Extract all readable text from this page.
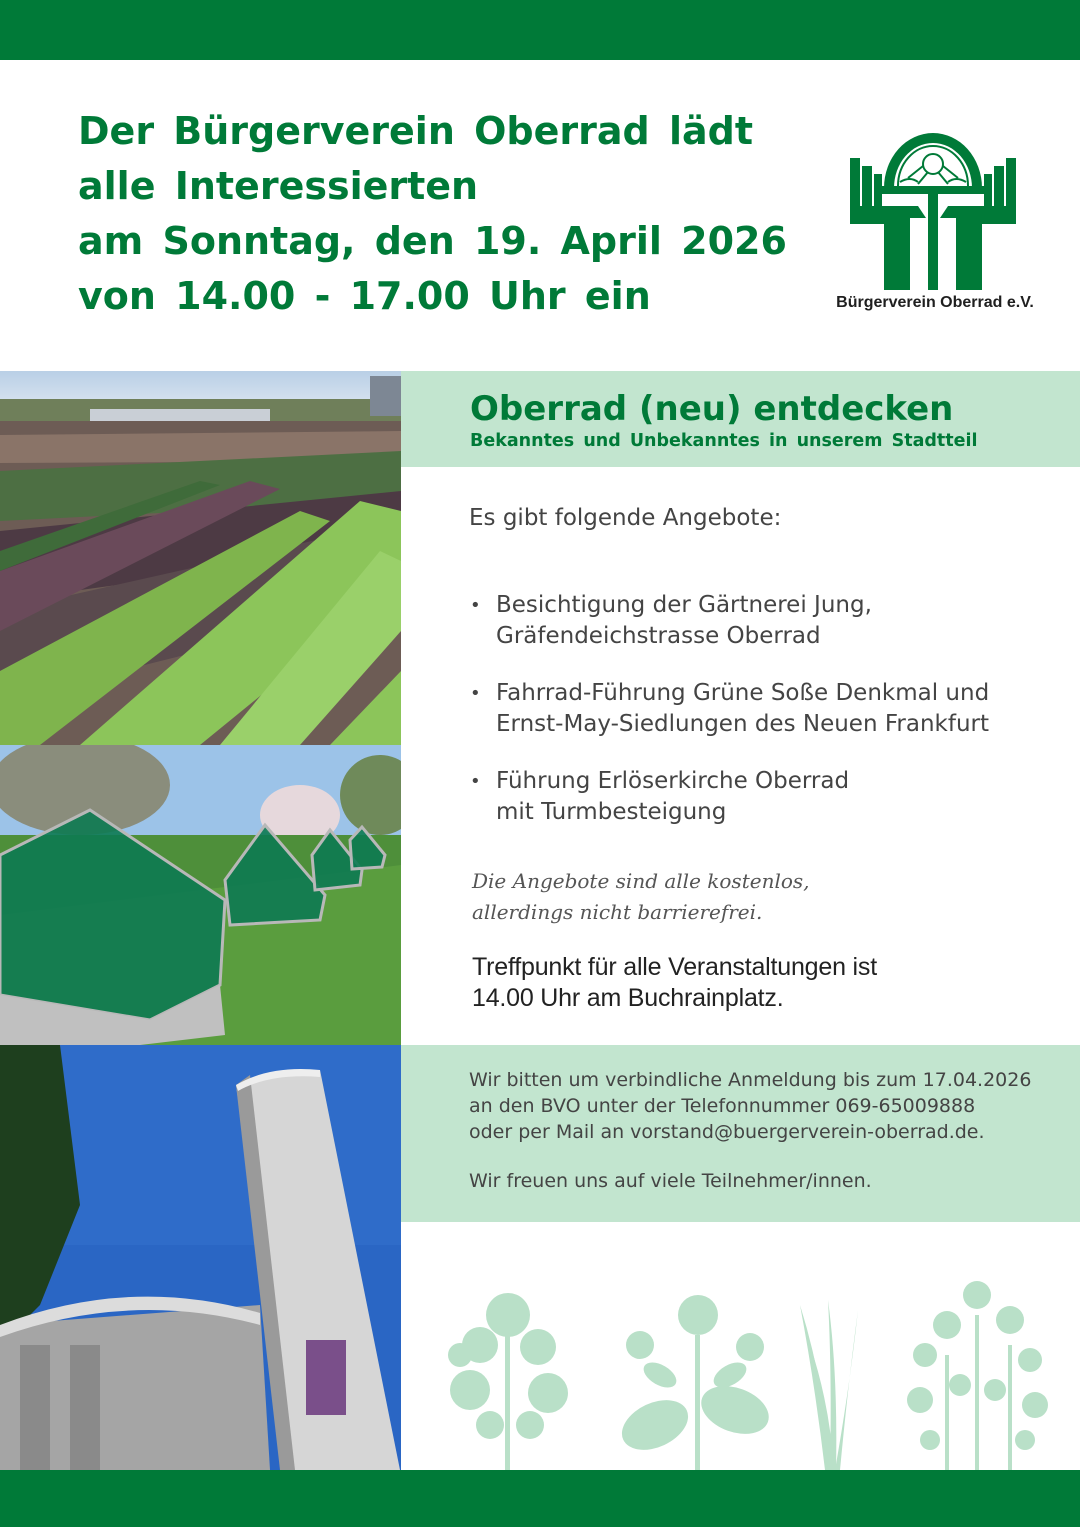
Der Bürgerverein Oberrad lädt
alle Interessierten
am Sonntag, den 19. April 2026
von 14.00 - 17.00 Uhr ein	Bürgerverein Oberrad e.V.
Oberrad (neu) entdecken
Bekanntes und Unbekanntes in unserem Stadtteil
Es gibt folgende Angebote:
• Besichtigung der Gärtnerei Jung,
Gräfendeichstrasse Oberrad
• Fahrrad-Führung Grüne Soße Denkmal und
Ernst-May-Siedlungen des Neuen Frankfurt
• Führung Erlöserkirche Oberrad
mit Turmbesteigung
Die Angebote sind alle kostenlos,
allerdings nicht barrierefrei.
Treffpunkt für alle Veranstaltungen ist
14.00 Uhr am Buchrainplatz.
Wir bitten um verbindliche Anmeldung bis zum 17.04.2026
an den BVO unter der Telefonnummer 069-65009888
oder per Mail an vorstand@buergerverein-oberrad.de.
Wir freuen uns auf viele Teilnehmer/innen.
